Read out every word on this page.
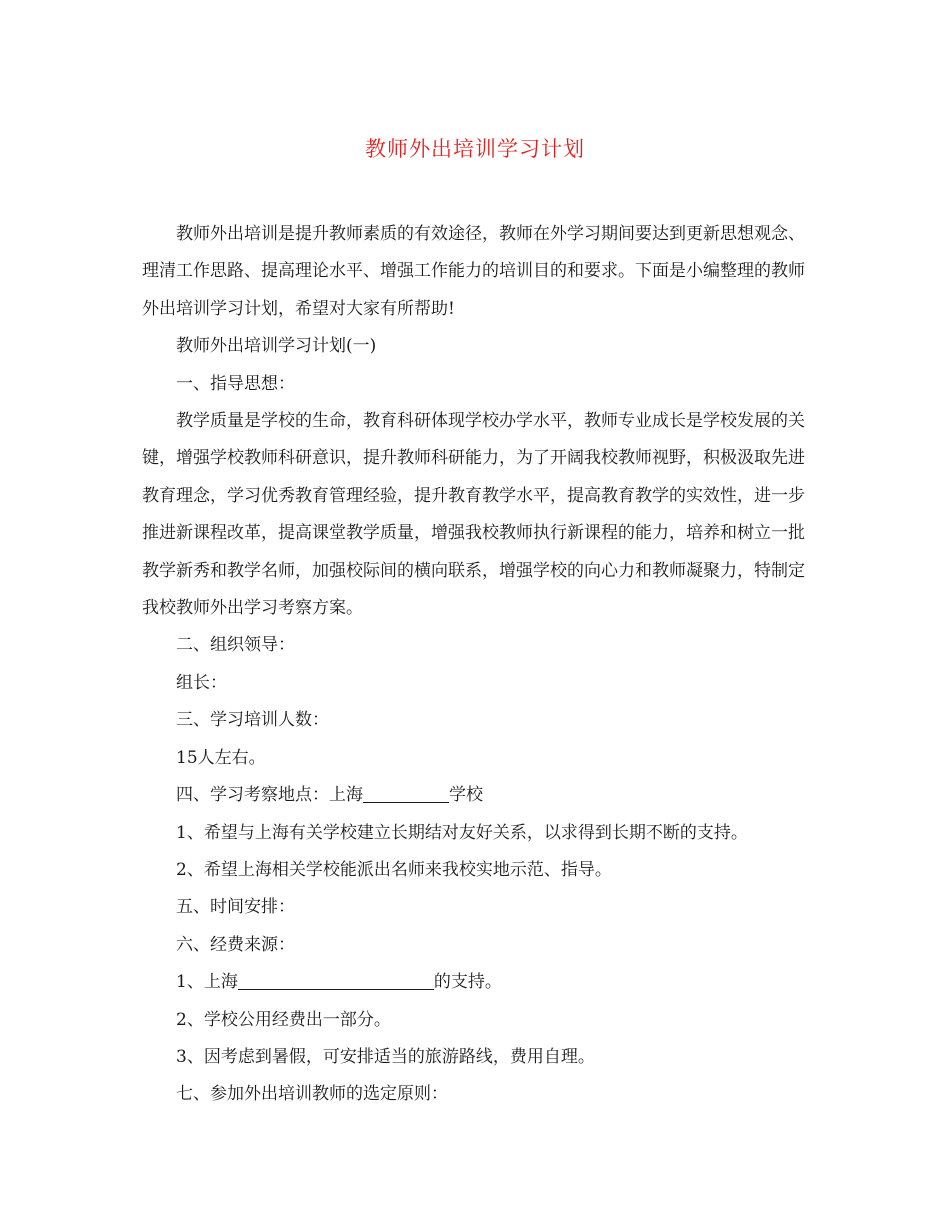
教师外出培训学习计划

教师外出培训是提升教师素质的有效途径，教师在外学习期间要达到更新思想观念、理清工作思路、提高理论水平、增强工作能力的培训目的和要求。下面是小编整理的教师外出培训学习计划，希望对大家有所帮助!

教师外出培训学习计划(一)

一、指导思想：

教学质量是学校的生命，教育科研体现学校办学水平，教师专业成长是学校发展的关键，增强学校教师科研意识，提升教师科研能力，为了开阔我校教师视野，积极汲取先进教育理念，学习优秀教育管理经验，提升教育教学水平，提高教育教学的实效性，进一步推进新课程改革，提高课堂教学质量，增强我校教师执行新课程的能力，培养和树立一批教学新秀和教学名师，加强校际间的横向联系，增强学校的向心力和教师凝聚力，特制定我校教师外出学习考察方案。

二、组织领导：

组长：

三、学习培训人数：

15人左右。

四、学习考察地点：上海	学校

1、希望与上海有关学校建立长期结对友好关系，以求得到长期不断的支持。

2、希望上海相关学校能派出名师来我校实地示范、指导。

五、时间安排：

六、经费来源：

1、上海	的支持。

2、学校公用经费出一部分。

3、因考虑到暑假，可安排适当的旅游路线，费用自理。

七、参加外出培训教师的选定原则：
